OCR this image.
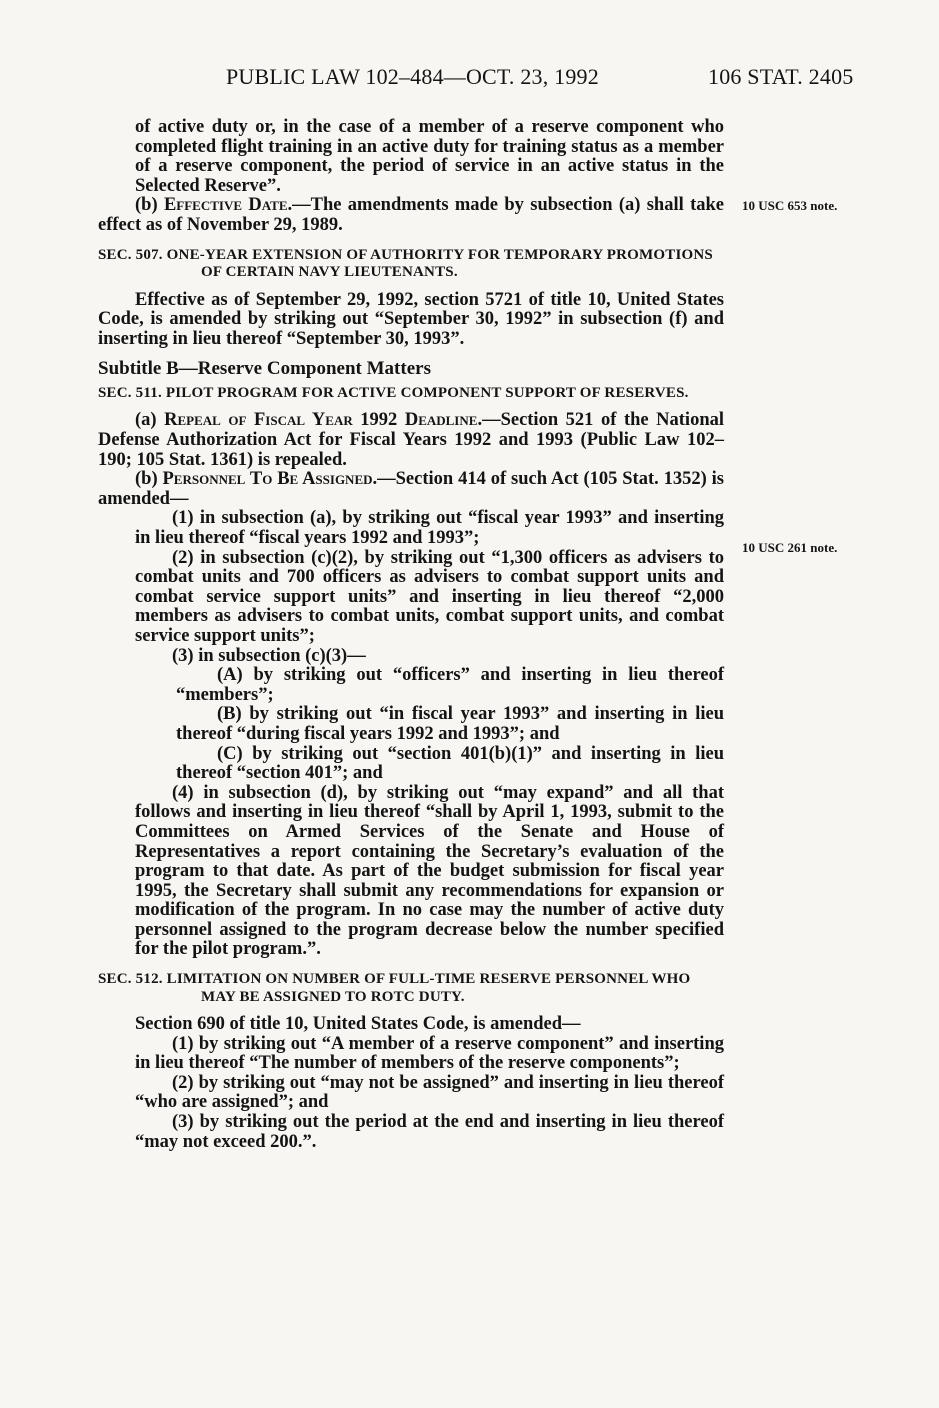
PUBLIC LAW 102–484—OCT. 23, 1992	106 STAT. 2405
10 USC 653 note.
10 USC 261 note.

of active duty or, in the case of a member of a reserve component who completed flight training in an active duty for training status as a member of a reserve component, the period of service in an active status in the Selected Reserve”.

(b) Effective Date.—The amendments made by subsection (a) shall take effect as of November 29, 1989.

SEC. 507. ONE-YEAR EXTENSION OF AUTHORITY FOR TEMPORARY PROMOTIONS OF CERTAIN NAVY LIEUTENANTS.

Effective as of September 29, 1992, section 5721 of title 10, United States Code, is amended by striking out “September 30, 1992” in subsection (f) and inserting in lieu thereof “September 30, 1993”.

Subtitle B—Reserve Component Matters

SEC. 511. PILOT PROGRAM FOR ACTIVE COMPONENT SUPPORT OF RESERVES.

(a) Repeal of Fiscal Year 1992 Deadline.—Section 521 of the National Defense Authorization Act for Fiscal Years 1992 and 1993 (Public Law 102–190; 105 Stat. 1361) is repealed.

(b) Personnel To Be Assigned.—Section 414 of such Act (105 Stat. 1352) is amended—

(1) in subsection (a), by striking out “fiscal year 1993” and inserting in lieu thereof “fiscal years 1992 and 1993”;

(2) in subsection (c)(2), by striking out “1,300 officers as advisers to combat units and 700 officers as advisers to combat support units and combat service support units” and inserting in lieu thereof “2,000 members as advisers to combat units, combat support units, and combat service support units”;

(3) in subsection (c)(3)—

(A) by striking out “officers” and inserting in lieu thereof “members”;

(B) by striking out “in fiscal year 1993” and inserting in lieu thereof “during fiscal years 1992 and 1993”; and

(C) by striking out “section 401(b)(1)” and inserting in lieu thereof “section 401”; and

(4) in subsection (d), by striking out “may expand” and all that follows and inserting in lieu thereof “shall by April 1, 1993, submit to the Committees on Armed Services of the Senate and House of Representatives a report containing the Secretary’s evaluation of the program to that date. As part of the budget submission for fiscal year 1995, the Secretary shall submit any recommendations for expansion or modification of the program. In no case may the number of active duty personnel assigned to the program decrease below the number specified for the pilot program.”.

SEC. 512. LIMITATION ON NUMBER OF FULL-TIME RESERVE PERSONNEL WHO MAY BE ASSIGNED TO ROTC DUTY.

Section 690 of title 10, United States Code, is amended—

(1) by striking out “A member of a reserve component” and inserting in lieu thereof “The number of members of the reserve components”;

(2) by striking out “may not be assigned” and inserting in lieu thereof “who are assigned”; and

(3) by striking out the period at the end and inserting in lieu thereof “may not exceed 200.”.
